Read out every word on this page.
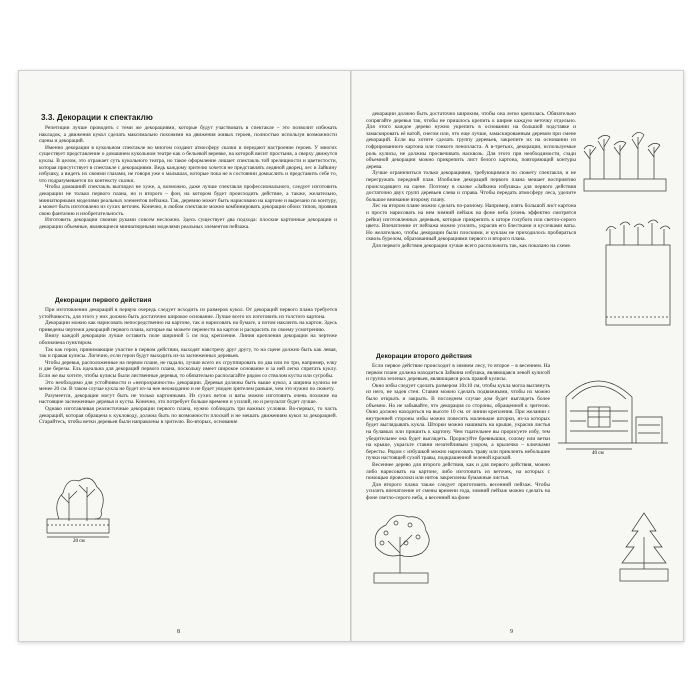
3.3. Декорации к спектаклю

Репетиции лучше проводить с теми же декорациями, которые будут участвовать в спектакле – это позволит избежать накладок, а движения кукол сделать максимально похожими на движения живых героев, полностью используя возможности сцены и декораций.

Именно декорации в кукольном спектакле во многом создают атмосферу сказки и передают настроение героев. У многих существует представление о домашнем кукольном театре как о бельевой веревке, на которой висит простыня, а сверху движутся куклы. В целом, это отражает суть кукольного театра, но такое оформление лишает спектакль той зрелищности и цветистости, которая присутствует в спектакле с декорациями. Ведь каждому зрителю хочется не представлять ледяной дворец, лес и Зайкину избушку, а видеть их своими глазами, не говоря уже о малышах, которые пока не в состоянии домыслить и представить себе то, что подразумевается по контексту сказки.

Чтобы домашний спектакль выглядел не хуже, а, возможно, даже лучше спектакля профессионального, следует изготовить декорации не только первого плана, но и второго – фон, на котором будет происходить действие, а также, желательно, миниатюрными моделями реальных элементов пейзажа. Так, деревню может быть нарисовано на картоне и вырезано по контуру, а может быть изготовлено из сухих веточек. Конечно, в любом спектакле можно комбинировать декорации обоих типов, проявив свою фантазию и изобретательность.

Изготовить декорации своими руками совсем несложно. Здесь существует два подхода: плоские картонные декорации и декорации объемные, являющиеся миниатюрными моделями реальных элементов пейзажа.

Декорации первого действия

При изготовлении декораций в первую очередь следует исходить из размеров кукол. От декораций первого плана требуется устойчивость, для этого у них должно быть достаточно широкое основание. Лучше всего их изготовить из толстого картона.

Декорации можно как нарисовать непосредственно на картоне, так и нарисовать на бумаге, а потом наклеить на картон. Здесь приведены чертежи декораций первого плана, которые вы можете перенести на картон и раскрасить по своему усмотрению.

Внизу каждой декорации лучше оставить поле шириной 5 см под крепление. Линия крепления декорации на чертеже обозначена пунктиром.

Так как герои, принимающие участие в первом действии, выходят навстречу друг другу, то на сцене должно быть как левая, так и правая кулисы. Логично, если герои будут выходить из-за заснеженных деревьев.

Чтобы деревья, расположенные на первом плане, не падали, лучше всего их сгруппировать по два или по три, например, елку и две березы. Ель идеальна для декораций первого плана, поскольку имеет широкое основание и за ней легко спрятать куклу. Если же вы хотите, чтобы кулисы были лиственные деревья, то обязательно располагайте рядом со стволом кусты или сугробы.

Это необходимо для устойчивости и «непрозрачности» декорации. Деревья должны быть выше кукол, а ширина кулисы не менее 20 см. В таком случае кукла не будет из-за нее неожиданно и не будет увиден зрителем раньше, чем это нужно по сюжету.

Разумеется, декорации могут быть не только картонными. Из сухих веток и ваты можно изготовить очень похожие на настоящие заснеженные деревья и кусты. Конечно, это потребует больше времени и усилий, но и результат будет лучше.

Однако изготавливая реалистичные декорации первого плана, нужно соблюдать три важных условия. Во-первых, то часть декораций, которая обращена к кукловоду, должна быть по возможности плоской и не мешать движениям кукол за декорацией. Старайтесь, чтобы ветки деревьев были направлены в зрителю. Во-вторых, основание

20 см
8

декорации должно быть достаточно широким, чтобы она легко крепилась. Обязательно сопрягайте деревья так, чтобы не пришлось крепить к ширме каждую веточку отдельно. Для этого каждое дерево нужно укрепить в основании на большой подставке и замаскировать её ватой, снегом или, что еще лучше, замаскированным деревом при смене декораций. Если вы хотите сделать группу деревьев, закрепите их на основании из гофрированного картона или тонкого пенопласта. А в-третьих, декорации, используемые роль кулисы, не должны просвечивать насквозь. Для этого при необходимости, сзади объемной декорации можно прикрепить лист белого картона, повторяющий контуры дерева.

Лучше ограничиться только декорациями, требующимися по сюжету спектакля, и не перегружать передний план. Изобилие декораций первого плана мешает восприятию происходящего на сцене. Поэтому в сказке «Зайкина избушка» для первого действия достаточно двух групп деревьев слева и справа. Чтобы передать атмосферу леса, уделите большое внимание второму плану.

Лес на втором плане можно сделать по-разному. Например, взять большой лист картона и просто нарисовать на нем зимний пейзаж на фоне неба (очень эффектно смотрятся рейки) изготовленных деревьев, которые прикрепить к шторе голубого или светло-серого цвета. Впечатление от пейзажа можно усилить, украсив его блестками и кусочками ваты. Но желательно, чтобы декорации были плоскими, и куклам не приходилось пробираться сквозь бурелом, образованный декорациями первого и второго плана.

Для первого действия декорации лучше всего расположить так, как показано на схеме.

Декорации второго действия
40 см

Если первое действие происходит в зимнем лесу, то второе – в весеннем. На первом плане должна находиться Зайкина избушка, являющаяся левой кулисой и группа зеленых деревьев, являющаяся роль правой кулисы.

Окно избы следует сделать размером 10х10 см, чтобы кукла могла выглянуть из него, не задев стен. Ставни можно сделать подвижными, чтобы их можно было открыть и закрыть. В последнем случае дом будет выглядеть более объемно. Но не забывайте, что декорация со стороны, обращенной к зрителю. Окно должно находиться на высоте 10 см. от линии крепления. При желании с внутренней стороны избы можно повесить маленькие шторки, из-за которых будет выглядывать кукла. Шторки можно нашивать на крыше, украсив листья на булавках или пришить к картону. Чем тщательнее вы прорисуете избу, тем убедительнее она будет выглядеть. Прорисуйте бревнышки, солому или ветки на крыше, украсьте ставни незатейливым узором, а крылечко – ключками бересты. Рядом с избушкой можно нарисовать траву или приклеить небольшие пучки настоящей сухой травы, подкрашенной зеленой краской.

Весеннее дерево для второго действия, как и для первого действия, можно либо нарисовать на картоне, либо изготовить из веточек, на которых с помощью проволоки или ниток закреплены бумажные листья.

Для второго плана также следует приготовить весенний пейзаж. Чтобы усилить впечатление от смены времени года, зимний пейзаж можно сделать на фоне светло-серого неба, а весенний на фоне

9
